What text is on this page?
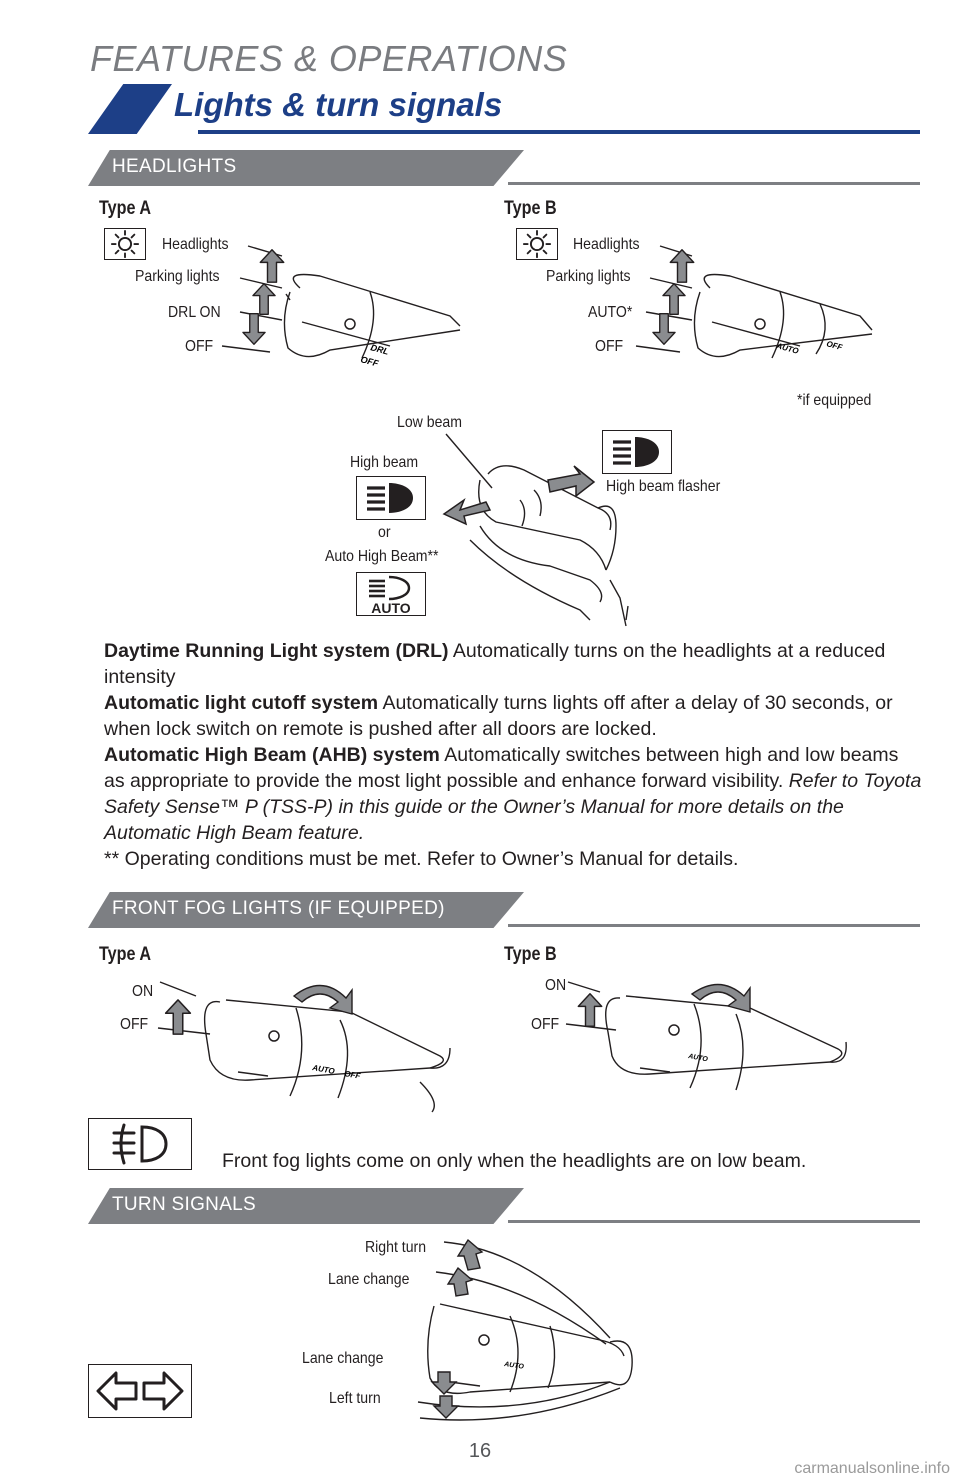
FEATURES & OPERATIONS
Lights & turn signals
HEADLIGHTS
Type A
Headlights
Parking lights
DRL ON
OFF	DRL
OFF
Type B
Headlights
Parking lights
AUTO*
OFF
*if equipped
AUTO	OFF
Low beam
High beam
or
Auto High Beam**
AUTO
High beam flasher
Daytime Running Light system (DRL) Automatically turns on the headlights at a reduced intensity
Automatic light cutoff system Automatically turns lights off after a delay of 30 seconds, or when lock switch on remote is pushed after all doors are locked.
Automatic High Beam (AHB) system Automatically switches between high and low beams as appropriate to provide the most light possible and enhance forward visibility. Refer to Toyota Safety Sense™ P (TSS-P) in this guide or the Owner’s Manual for more details on the Automatic High Beam feature.
** Operating conditions must be met. Refer to Owner’s Manual for details.
FRONT FOG LIGHTS (IF EQUIPPED)
Type A
ON
OFF
AUTO OFF
Type B
ON
OFF
AUTO
Front fog lights come on only when the headlights are on low beam.
TURN SIGNALS
Right turn
Lane change
Lane change
Left turn
AUTO
16
carmanualsonline.info
